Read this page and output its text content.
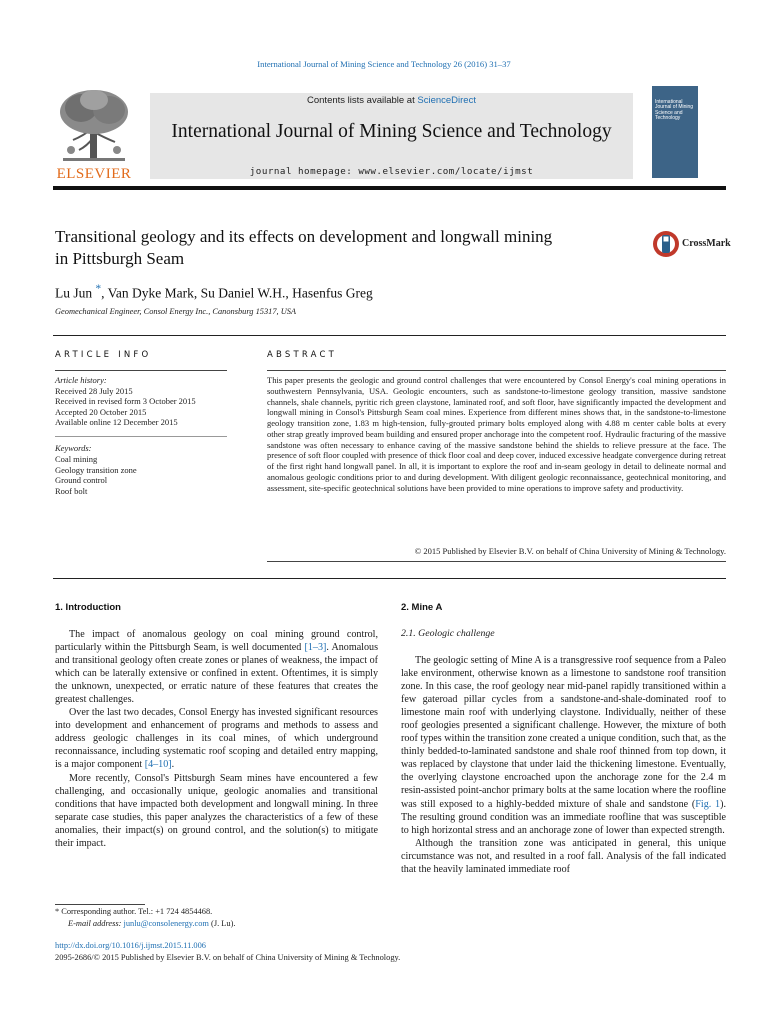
International Journal of Mining Science and Technology 26 (2016) 31–37
ELSEVIER
Contents lists available at ScienceDirect
International Journal of Mining Science and Technology
journal homepage: www.elsevier.com/locate/ijmst
International Journal of Mining Science and Technology
Transitional geology and its effects on development and longwall mining
in Pittsburgh Seam
CrossMark
Lu Jun *, Van Dyke Mark, Su Daniel W.H., Hasenfus Greg
Geomechanical Engineer, Consol Energy Inc., Canonsburg 15317, USA
ARTICLE INFO	ABSTRACT
Article history:
Received 28 July 2015
Received in revised form 3 October 2015
Accepted 20 October 2015
Available online 12 December 2015
Keywords:
Coal mining
Geology transition zone
Ground control
Roof bolt
This paper presents the geologic and ground control challenges that were encountered by Consol Energy's coal mining operations in southwestern Pennsylvania, USA. Geologic encounters, such as sandstone-to-limestone geology transition, massive sandstone channels, shale channels, pyritic rich green claystone, laminated roof, and soft floor, have significantly impacted the development and longwall mining in Consol's Pittsburgh Seam coal mines. Experience from different mines shows that, in the sandstone-to-limestone geology transition zone, 1.83 m high-tension, fully-grouted primary bolts employed along with 4.88 m center cable bolts at every other strap greatly improved beam building and ensured proper anchorage into the competent roof. Hydraulic fracturing of the massive sandstone was often necessary to enhance caving of the massive sandstone behind the shields to relieve pressure at the face. The presence of soft floor coupled with presence of thick floor coal and deep cover, induced excessive headgate convergence during retreat of the first right hand longwall panel. In all, it is important to explore the roof and in-seam geology in detail to delineate normal and anomalous geologic conditions prior to and during development. With diligent geologic reconnaissance, geotechnical monitoring, and assessment, site-specific geotechnical solutions have been provided to mine operations to improve safety and productivity.
© 2015 Published by Elsevier B.V. on behalf of China University of Mining & Technology.
1. Introduction

The impact of anomalous geology on coal mining ground control, particularly within the Pittsburgh Seam, is well documented [1–3]. Anomalous and transitional geology often create zones or planes of weakness, the impact of which can be laterally extensive or confined in extent. Oftentimes, it is simply the unknown, unexpected, or erratic nature of these features that creates the greatest challenges.

Over the last two decades, Consol Energy has invested significant resources into development and enhancement of programs and methods to assess and address geologic challenges in its coal mines, of which underground reconnaissance, including systematic roof scoping and detailed entry mapping, is a major component [4–10].

More recently, Consol's Pittsburgh Seam mines have encountered a few challenging, and occasionally unique, geologic anomalies and transitional conditions that have impacted both development and longwall mining. In three separate case studies, this paper analyzes the characteristics of a few of these anomalies, their impact(s) on ground control, and the solution(s) to mitigate their impact.

2. Mine A
2.1. Geologic challenge

The geologic setting of Mine A is a transgressive roof sequence from a Paleo lake environment, otherwise known as a limestone to sandstone roof transition zone. In this case, the roof geology near mid-panel rapidly transitioned within a few gateroad pillar cycles from a sandstone-and-shale-dominated roof to limestone main roof with underlying claystone. Individually, neither of these roof geologies presented a significant challenge. However, the mixture of both roof types within the transition zone created a unique condition, such that, as the thinly bedded-to-laminated sandstone and shale roof thinned from top down, it was replaced by claystone that under laid the thickening limestone. Eventually, the overlying claystone encroached upon the anchorage zone for the 2.4 m resin-assisted point-anchor primary bolts at the same location where the roofline was still exposed to a highly-bedded mixture of shale and sandstone (Fig. 1). The resulting ground condition was an immediate roofline that was susceptible to high horizontal stress and an anchorage zone of lower than expected strength.

Although the transition zone was anticipated in general, this unique circumstance was not, and resulted in a roof fall. Analysis of the fall indicated that the heavily laminated immediate roof

* Corresponding author. Tel.: +1 724 4854468.
E-mail address: junlu@consolenergy.com (J. Lu).
http://dx.doi.org/10.1016/j.ijmst.2015.11.006
2095-2686/© 2015 Published by Elsevier B.V. on behalf of China University of Mining & Technology.
